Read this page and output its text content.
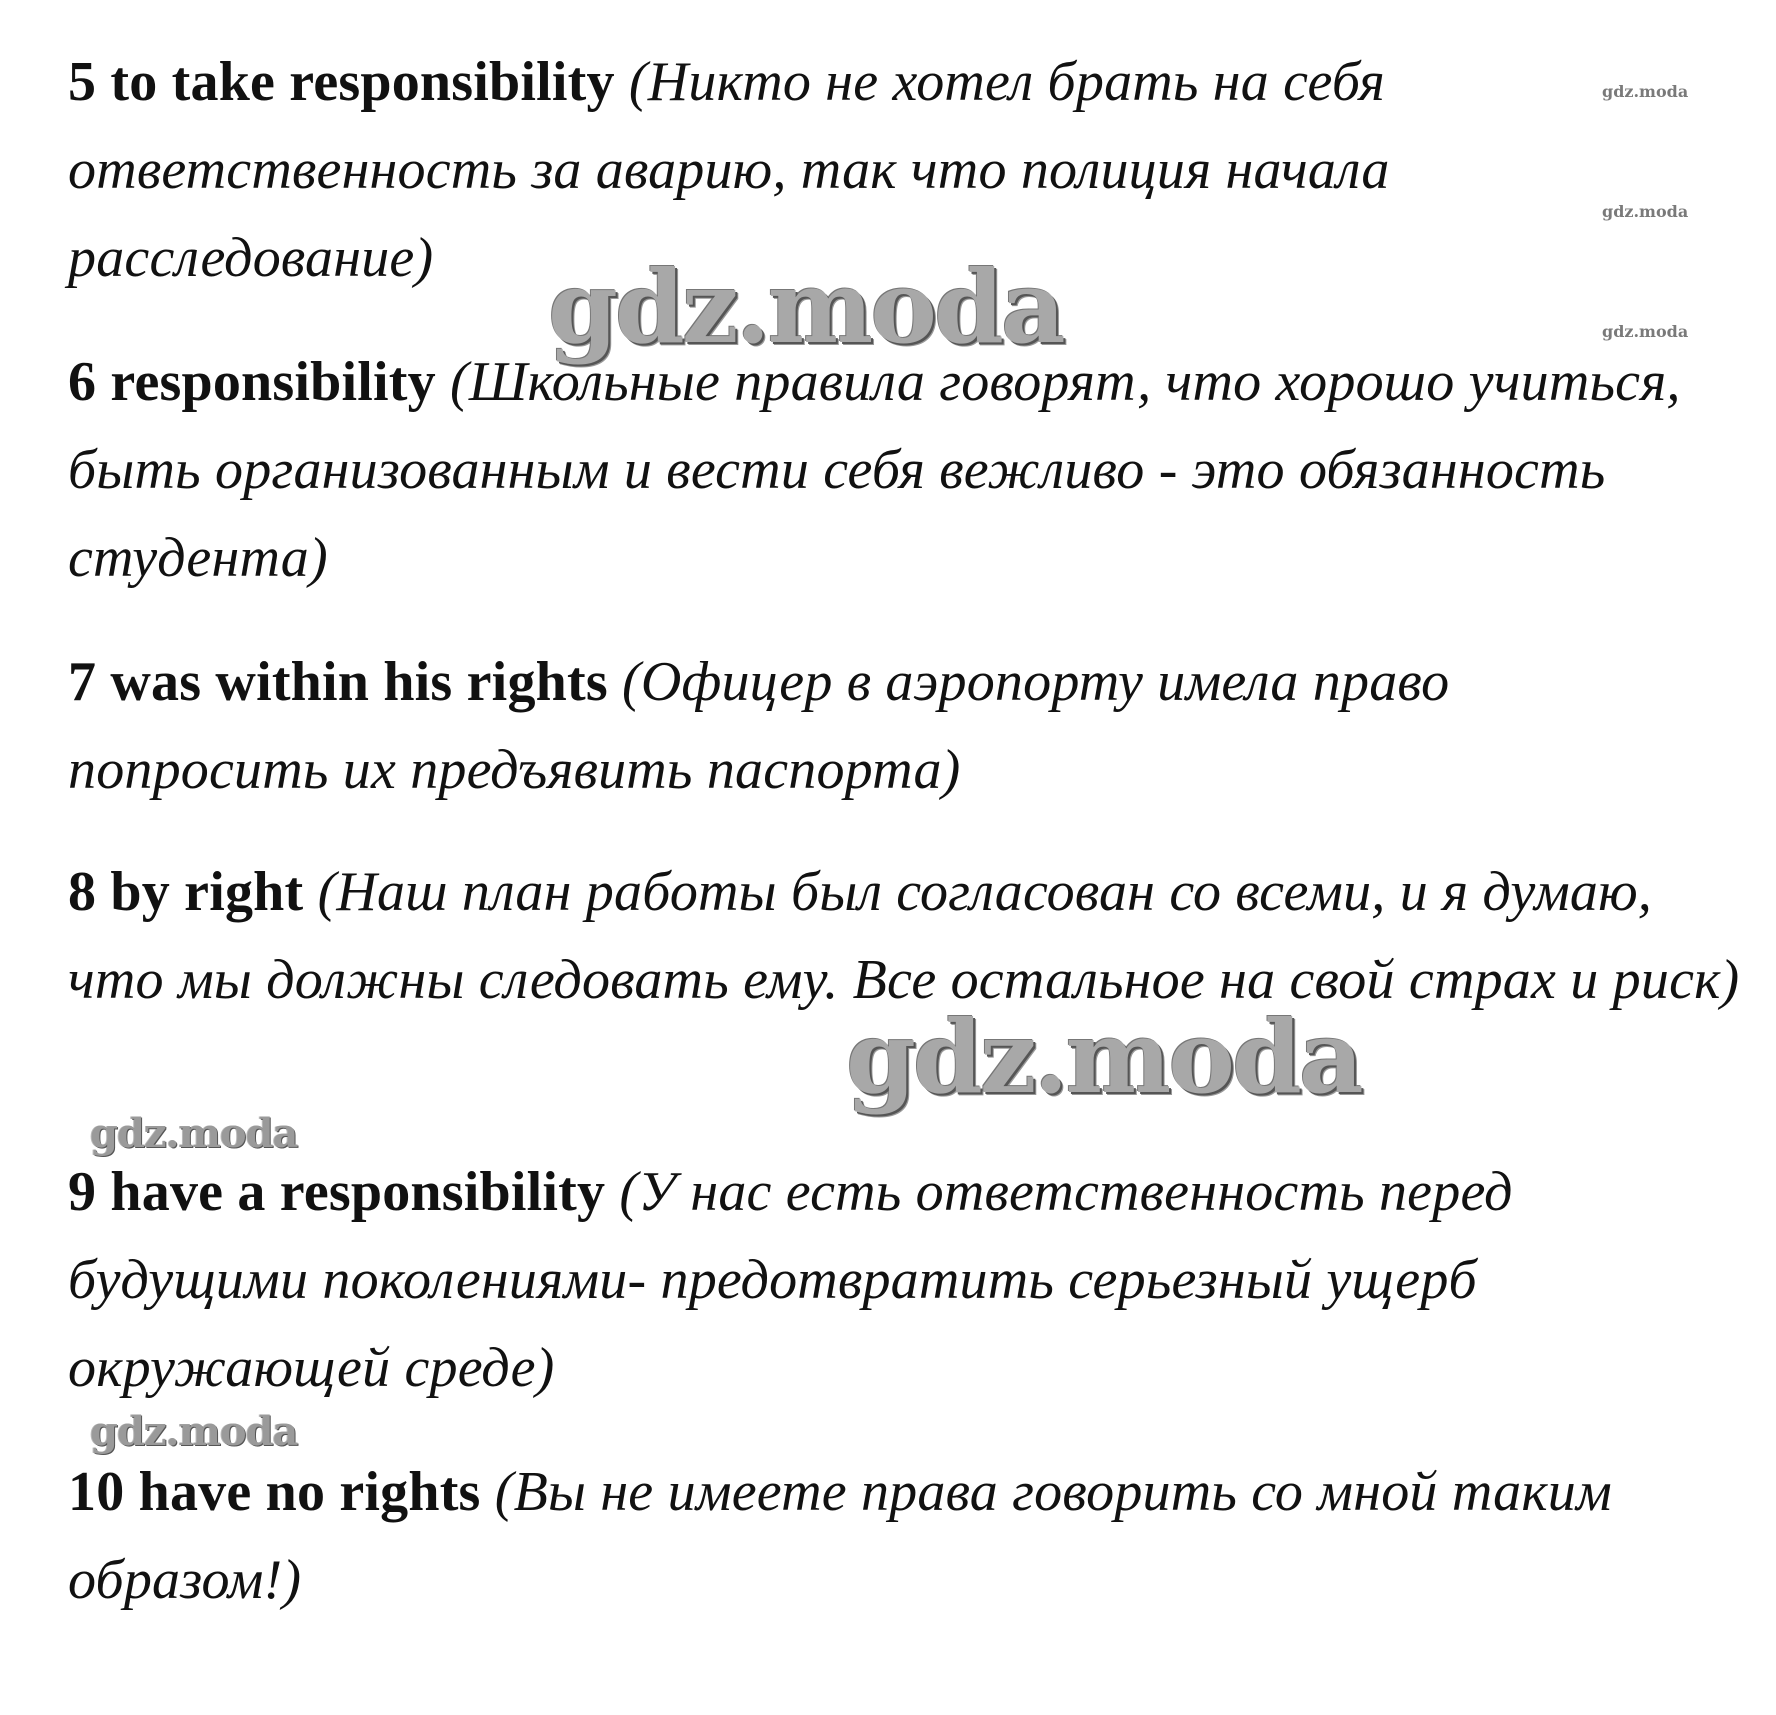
5 to take responsibility (Никто не хотел брать на себя ответственность за аварию, так что полиция начала расследование)
6 responsibility (Школьные правила говорят, что хорошо учиться, быть организованным и вести себя вежливо - это обязанность студента)
7 was within his rights (Офицер в аэропорту имела право попросить их предъявить паспорта)
8 by right (Наш план работы был согласован со всеми, и я думаю, что мы должны следовать ему. Все остальное на свой страх и риск)
9 have a responsibility (У нас есть ответственность перед будущими поколениями- предотвратить серьезный ущерб окружающей среде)
10 have no rights (Вы не имеете права говорить со мной таким образом!)
gdz.moda
gdz.moda
gdz.moda
gdz.moda
gdz.moda
gdz.moda
gdz.moda
